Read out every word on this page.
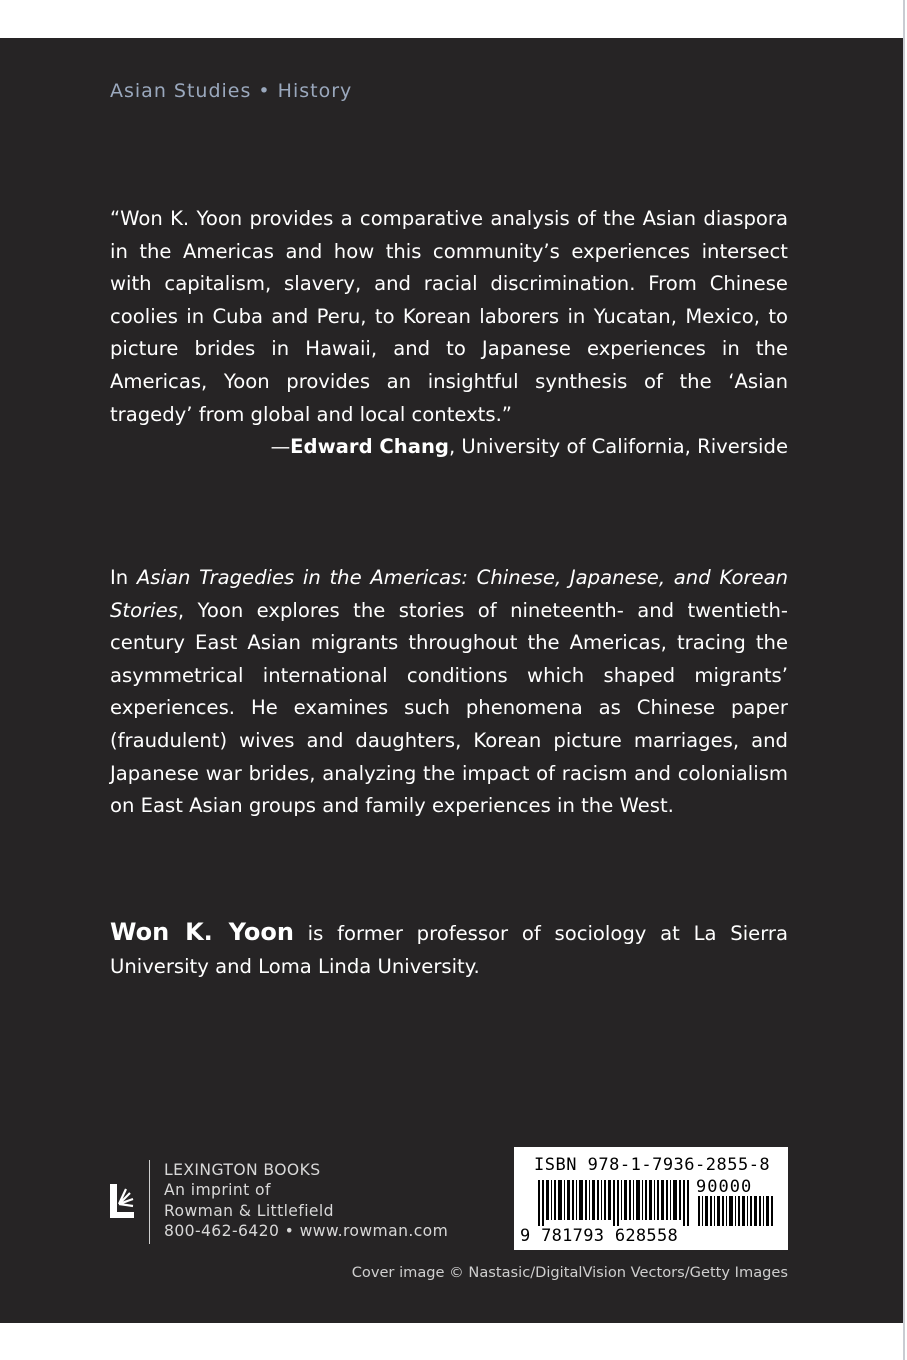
Asian Studies • History

“Won K. Yoon provides a comparative analysis of the Asian diaspora in the Americas and how this community’s experiences intersect with capitalism, slavery, and racial discrimination. From Chinese coolies in Cuba and Peru, to Korean laborers in Yucatan, Mexico, to picture brides in Hawaii, and to Japanese experiences in the Americas, Yoon provides an insightful synthesis of the ‘Asian tragedy’ from global and local contexts.”

—Edward Chang, University of California, Riverside

In Asian Tragedies in the Americas: Chinese, Japanese, and Korean Stories, Yoon explores the stories of nineteenth- and twentieth-century East Asian migrants throughout the Americas, tracing the asymmetrical international conditions which shaped migrants’ experiences. He examines such phenomena as Chinese paper (fraudulent) wives and daughters, Korean picture marriages, and Japanese war brides, analyzing the impact of racism and colonialism on East Asian groups and family experiences in the West.

Won K. Yoon is former professor of sociology at La Sierra University and Loma Linda University.

LEXINGTON BOOKS
An imprint of
Rowman & Littlefield
800-462-6420 • www.rowman.com
ISBN 978-1-7936-2855-8
90000
9 781793 628558
Cover image © Nastasic/DigitalVision Vectors/Getty Images
